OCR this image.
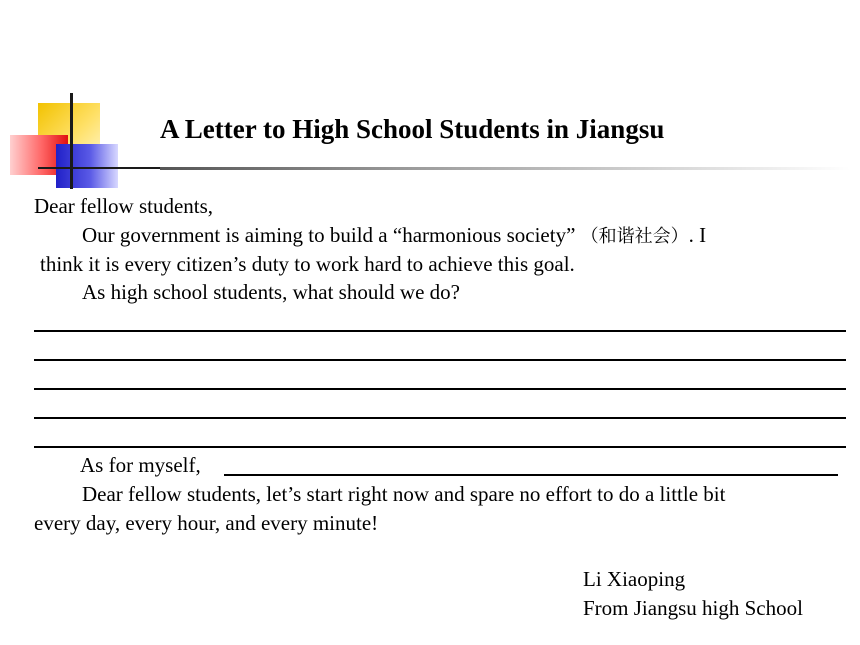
A Letter to High School Students in Jiangsu
Dear fellow students,
Our government is aiming to build a “harmonious society” （和谐社会）. I
think it is every citizen’s duty to work hard to achieve this goal.
As high school students, what should we do?
As for myself,
Dear fellow students, let’s start right now and spare no effort to do a little bit
every day, every hour, and every minute!
Li Xiaoping
From Jiangsu high School
